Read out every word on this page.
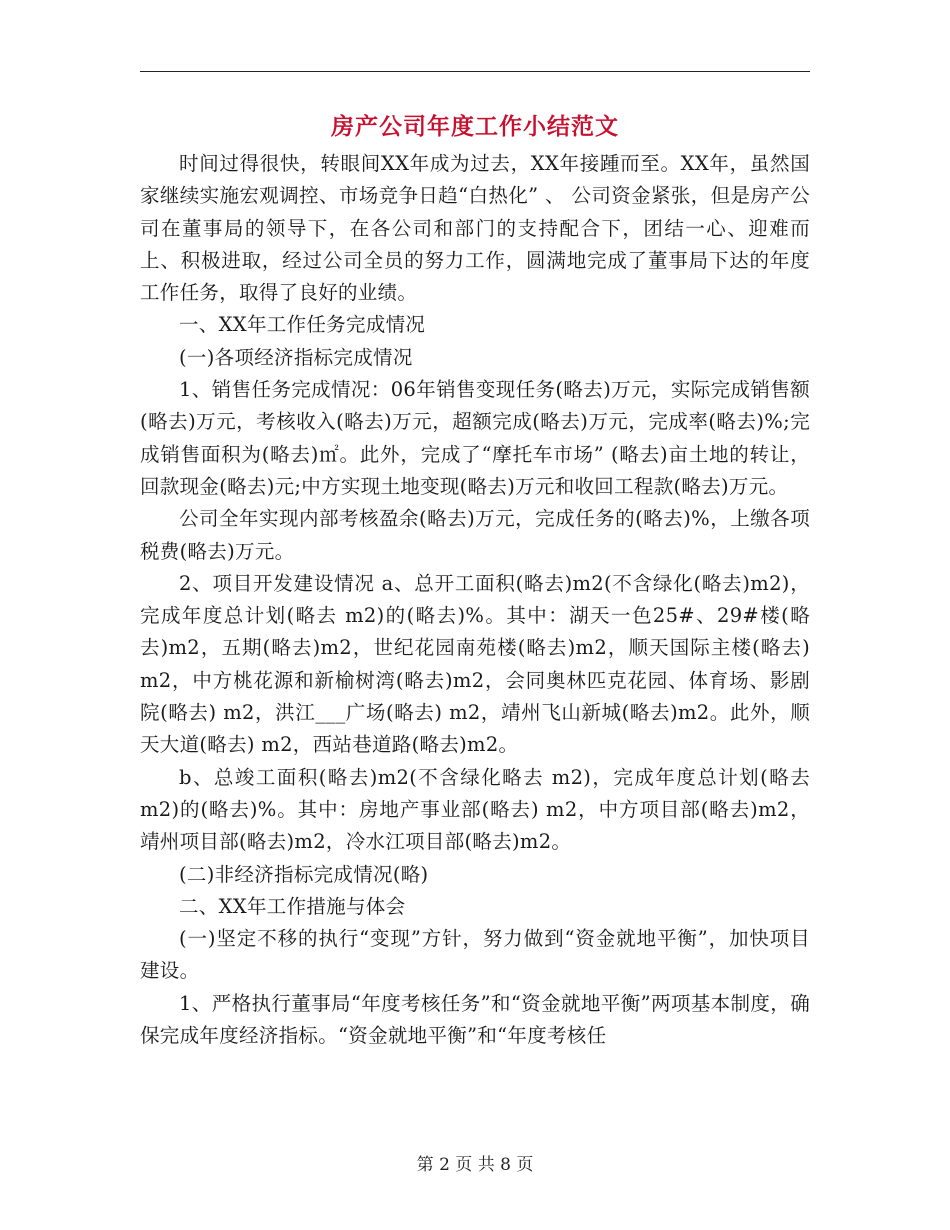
房产公司年度工作小结范文

时间过得很快，转眼间XX年成为过去，XX年接踵而至。XX年，虽然国家继续实施宏观调控、市场竞争日趋“白热化” 、 公司资金紧张，但是房产公司在董事局的领导下，在各公司和部门的支持配合下，团结一心、迎难而上、积极进取，经过公司全员的努力工作，圆满地完成了董事局下达的年度工作任务，取得了良好的业绩。

一、XX年工作任务完成情况

(一)各项经济指标完成情况

1、销售任务完成情况：06年销售变现任务(略去)万元，实际完成销售额(略去)万元，考核收入(略去)万元，超额完成(略去)万元，完成率(略去)%;完成销售面积为(略去)㎡。此外，完成了“摩托车市场” (略去)亩土地的转让，回款现金(略去)元;中方实现土地变现(略去)万元和收回工程款(略去)万元。

公司全年实现内部考核盈余(略去)万元，完成任务的(略去)%，上缴各项税费(略去)万元。

2、项目开发建设情况 a、总开工面积(略去)m2(不含绿化(略去)m2)，完成年度总计划(略去 m2)的(略去)%。其中：湖天一色25#、29#楼(略去)m2，五期(略去)m2，世纪花园南苑楼(略去)m2，顺天国际主楼(略去) m2，中方桃花源和新榆树湾(略去)m2，会同奥林匹克花园、体育场、影剧院(略去) m2，洪江___广场(略去) m2，靖州飞山新城(略去)m2。此外，顺天大道(略去) m2，西站巷道路(略去)m2。

b、总竣工面积(略去)m2(不含绿化略去 m2)，完成年度总计划(略去m2)的(略去)%。其中：房地产事业部(略去) m2，中方项目部(略去)m2，靖州项目部(略去)m2，冷水江项目部(略去)m2。

(二)非经济指标完成情况(略)

二、XX年工作措施与体会

(一)坚定不移的执行“变现”方针，努力做到“资金就地平衡”，加快项目建设。

1、严格执行董事局“年度考核任务”和“资金就地平衡”两项基本制度，确保完成年度经济指标。“资金就地平衡”和“年度考核任

第 2 页 共 8 页
